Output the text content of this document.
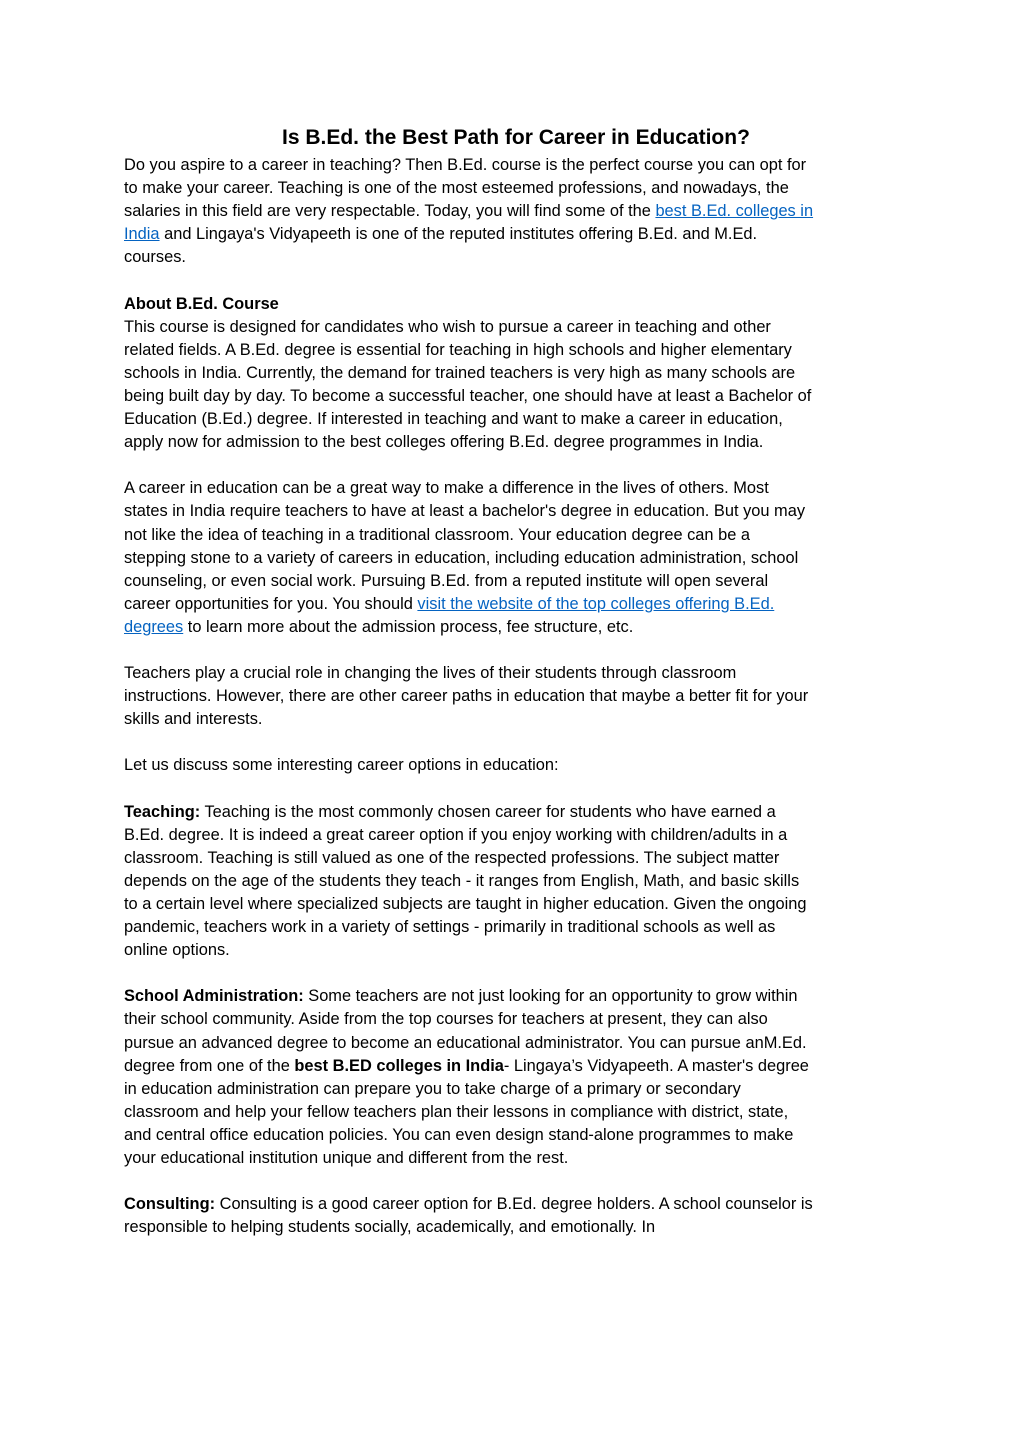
Is B.Ed. the Best Path for Career in Education?

Do you aspire to a career in teaching? Then B.Ed. course is the perfect course you can opt for to make your career. Teaching is one of the most esteemed professions, and nowadays, the salaries in this field are very respectable. Today, you will find some of the best B.Ed. colleges in India and Lingaya's Vidyapeeth is one of the reputed institutes offering B.Ed. and M.Ed. courses.

About B.Ed. Course

This course is designed for candidates who wish to pursue a career in teaching and other related fields. A B.Ed. degree is essential for teaching in high schools and higher elementary schools in India. Currently, the demand for trained teachers is very high as many schools are being built day by day. To become a successful teacher, one should have at least a Bachelor of Education (B.Ed.) degree. If interested in teaching and want to make a career in education, apply now for admission to the best colleges offering B.Ed. degree programmes in India.

A career in education can be a great way to make a difference in the lives of others. Most states in India require teachers to have at least a bachelor's degree in education. But you may not like the idea of teaching in a traditional classroom. Your education degree can be a stepping stone to a variety of careers in education, including education administration, school counseling, or even social work. Pursuing B.Ed. from a reputed institute will open several career opportunities for you. You should visit the website of the top colleges offering B.Ed. degrees to learn more about the admission process, fee structure, etc.

Teachers play a crucial role in changing the lives of their students through classroom instructions. However, there are other career paths in education that maybe a better fit for your skills and interests.

Let us discuss some interesting career options in education:

Teaching: Teaching is the most commonly chosen career for students who have earned a B.Ed. degree. It is indeed a great career option if you enjoy working with children/adults in a classroom. Teaching is still valued as one of the respected professions. The subject matter depends on the age of the students they teach - it ranges from English, Math, and basic skills to a certain level where specialized subjects are taught in higher education. Given the ongoing pandemic, teachers work in a variety of settings - primarily in traditional schools as well as online options.

School Administration: Some teachers are not just looking for an opportunity to grow within their school community. Aside from the top courses for teachers at present, they can also pursue an advanced degree to become an educational administrator. You can pursue anM.Ed. degree from one of the best B.ED colleges in India- Lingaya’s Vidyapeeth. A master's degree in education administration can prepare you to take charge of a primary or secondary classroom and help your fellow teachers plan their lessons in compliance with district, state, and central office education policies. You can even design stand-alone programmes to make your educational institution unique and different from the rest.

Consulting: Consulting is a good career option for B.Ed. degree holders. A school counselor is responsible to helping students socially, academically, and emotionally. In
